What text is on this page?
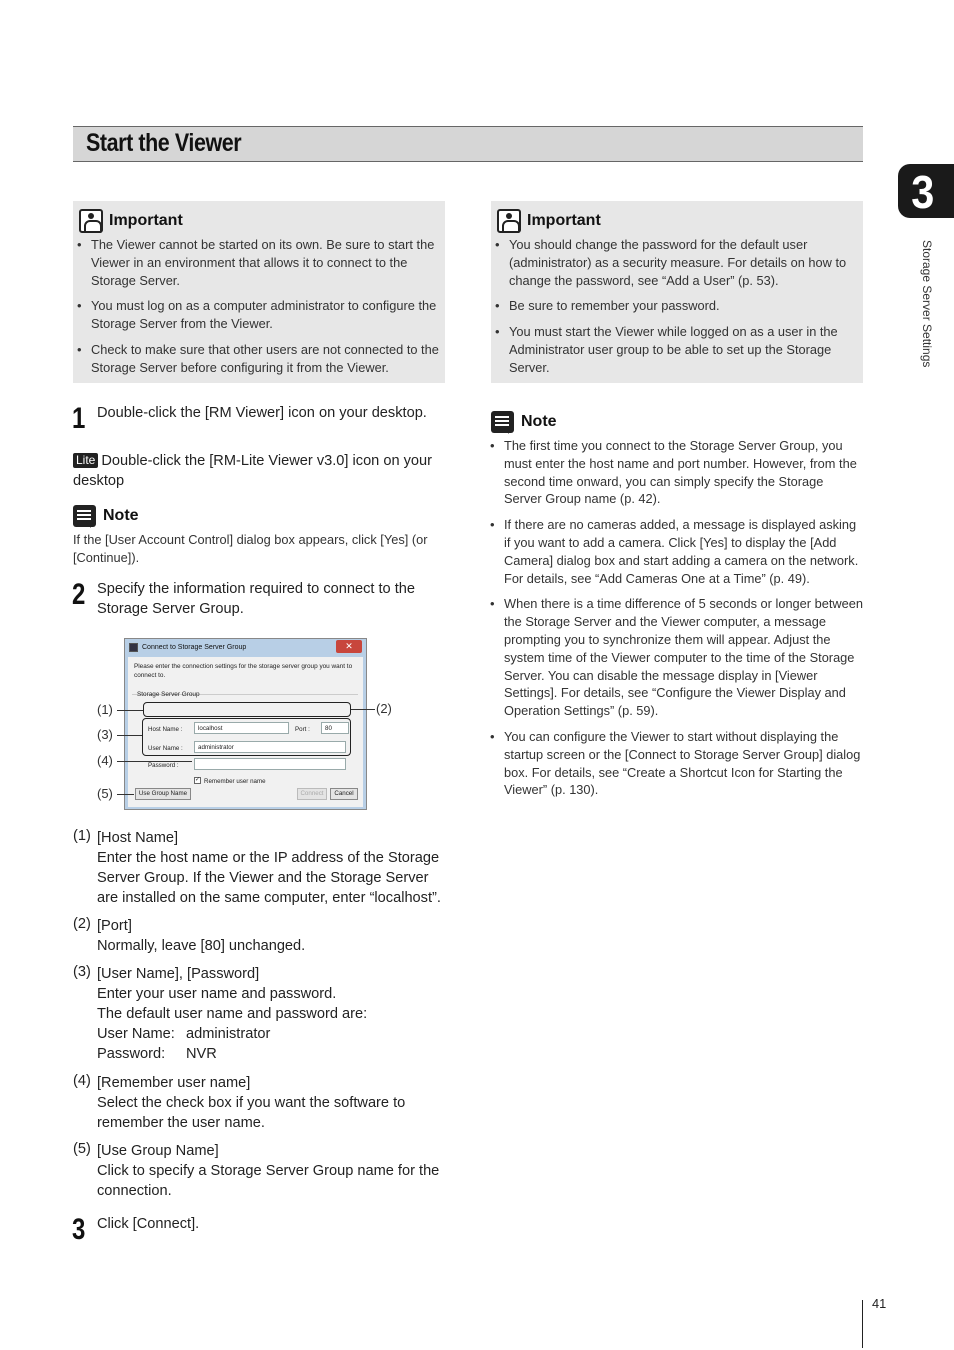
Start the Viewer
3
Storage Server Settings
Important
• The Viewer cannot be started on its own. Be sure to start the Viewer in an environment that allows it to connect to the Storage Server.
• You must log on as a computer administrator to configure the Storage Server from the Viewer.
• Check to make sure that other users are not connected to the Storage Server before configuring it from the Viewer.
Important
• You should change the password for the default user (administrator) as a security measure. For details on how to change the password, see “Add a User” (p. 53).
• Be sure to remember your password.
• You must start the Viewer while logged on as a user in the Administrator user group to be able to set up the Storage Server.
1 Double-click the [RM Viewer] icon on your desktop.
Lite Double-click the [RM-Lite Viewer v3.0] icon on your desktop
Note
If the [User Account Control] dialog box appears, click [Yes] (or [Continue]).
2 Specify the information required to connect to the Storage Server Group.
Connect to Storage Server Group	✕
Please enter the connection settings for the storage server group you want to connect to.
Storage Server Group
Host Name :	localhost	Port :	80
User Name :	administrator
Password :
✓ Remember user name
Use Group Name	Connect	Cancel
(1)	(2)
(3)
(4)
(5)
(1) [Host Name]
Enter the host name or the IP address of the Storage Server Group. If the Viewer and the Storage Server are installed on the same computer, enter “localhost”.
(2) [Port]
Normally, leave [80] unchanged.
(3) [User Name], [Password]
Enter your user name and password.
The default user name and password are:
User Name: administrator
Password:	NVR
(4) [Remember user name]
Select the check box if you want the software to remember the user name.
(5) [Use Group Name]
Click to specify a Storage Server Group name for the connection.
3 Click [Connect].
Note
• The first time you connect to the Storage Server Group, you must enter the host name and port number. However, from the second time onward, you can simply specify the Storage Server Group name (p. 42).
• If there are no cameras added, a message is displayed asking if you want to add a camera. Click [Yes] to display the [Add Camera] dialog box and start adding a camera on the network. For details, see “Add Cameras One at a Time” (p. 49).
• When there is a time difference of 5 seconds or longer between the Storage Server and the Viewer computer, a message prompting you to synchronize them will appear. Adjust the system time of the Viewer computer to the time of the Storage Server. You can disable the message display in [Viewer Settings]. For details, see “Configure the Viewer Display and Operation Settings” (p. 59).
• You can configure the Viewer to start without displaying the startup screen or the [Connect to Storage Server Group] dialog box. For details, see “Create a Shortcut Icon for Starting the Viewer” (p. 130).
41
